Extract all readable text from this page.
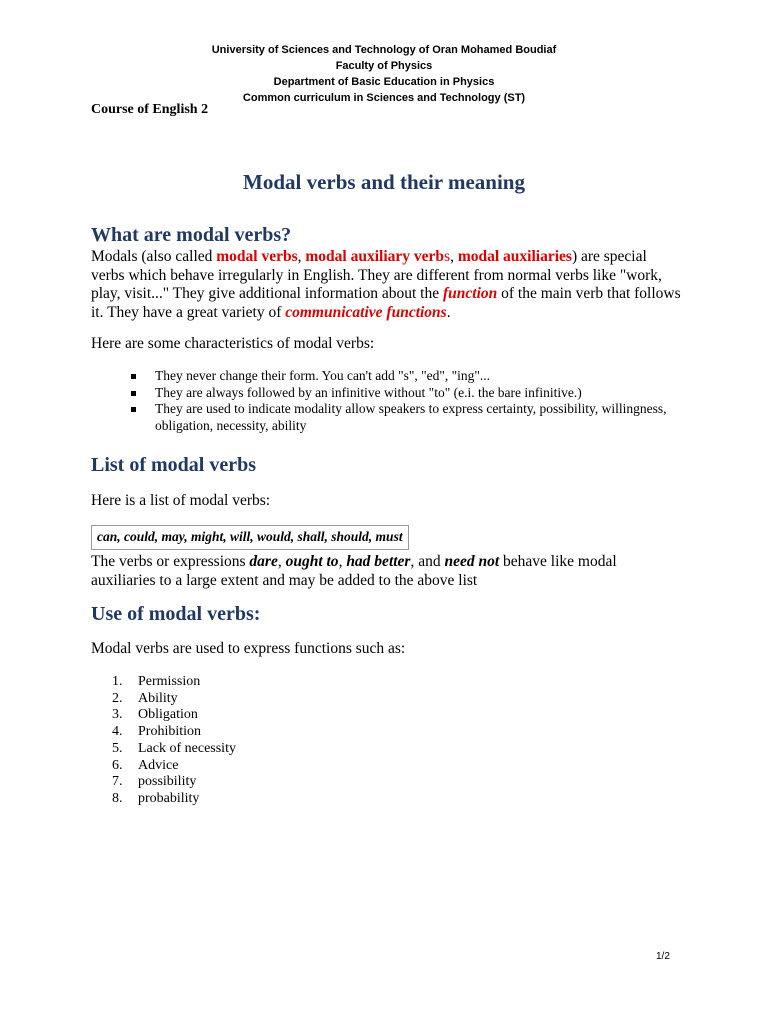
University of Sciences and Technology of Oran Mohamed Boudiaf
Faculty of Physics
Department of Basic Education in Physics
Common curriculum in Sciences and Technology (ST)
Course of English 2
Modal verbs and their meaning
What are modal verbs?
Modals (also called modal verbs, modal auxiliary verbs, modal auxiliaries) are special verbs which behave irregularly in English. They are different from normal verbs like "work, play, visit..." They give additional information about the function of the main verb that follows it. They have a great variety of communicative functions.
Here are some characteristics of modal verbs:
They never change their form. You can't add "s", "ed", "ing"...
They are always followed by an infinitive without "to" (e.i. the bare infinitive.)
They are used to indicate modality allow speakers to express certainty, possibility, willingness, obligation, necessity, ability
List of modal verbs
Here is a list of modal verbs:
can, could, may, might, will, would, shall, should, must
The verbs or expressions dare, ought to, had better, and need not behave like modal auxiliaries to a large extent and may be added to the above list
Use of modal verbs:
Modal verbs are used to express functions such as:
1.	Permission
2.	Ability
3.	Obligation
4.	Prohibition
5.	Lack of necessity
6.	Advice
7.	possibility
8.	probability
1/2
